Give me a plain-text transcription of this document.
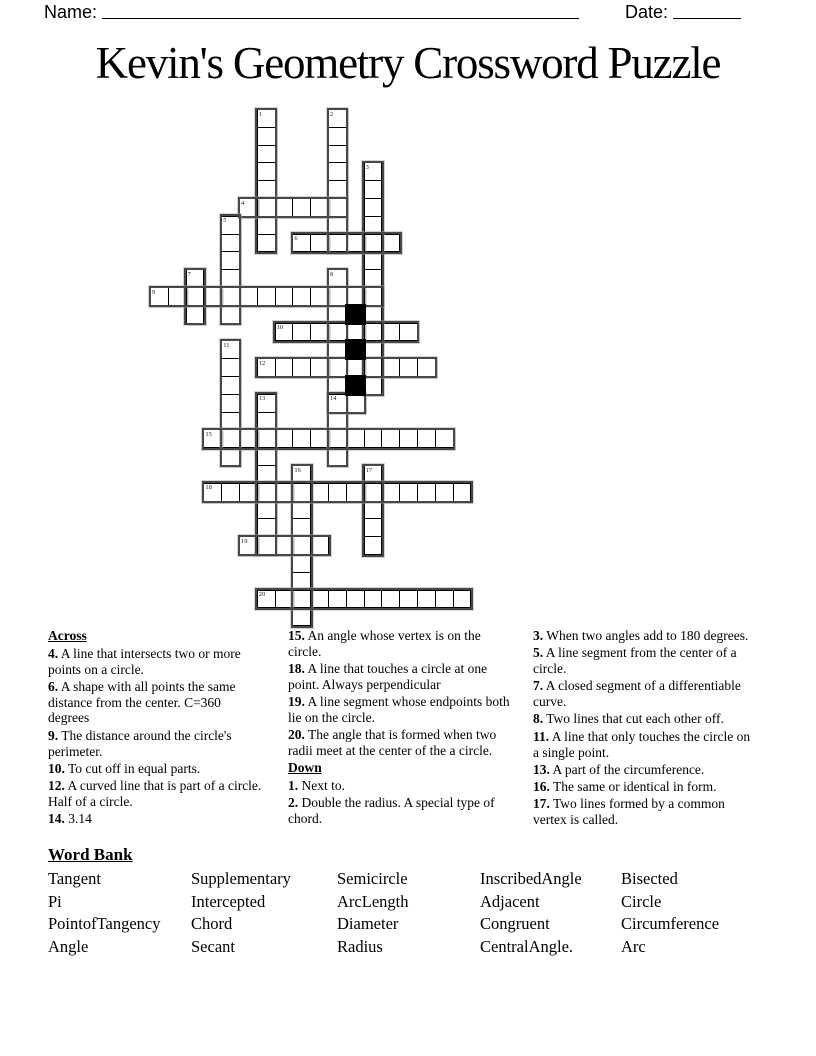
Name:	Date:
Kevin's Geometry Crossword Puzzle
1	2
3
4
5
6
7	8
9
10
11
12
13	14
15
16	17
18
19
20
Across
4. A line that intersects two or more points on a circle.
6. A shape with all points the same distance from the center. C=360 degrees
9. The distance around the circle's perimeter.
10. To cut off in equal parts.
12. A curved line that is part of a circle. Half of a circle.
14. 3.14
15. An angle whose vertex is on the circle.
18. A line that touches a circle at one point. Always perpendicular
19. A line segment whose endpoints both lie on the circle.
20. The angle that is formed when two radii meet at the center of the a circle.
Down
1. Next to.
2. Double the radius. A special type of chord.
3. When two angles add to 180 degrees.
5. A line segment from the center of a circle.
7. A closed segment of a differentiable curve.
8. Two lines that cut each other off.
11. A line that only touches the circle on a single point.
13. A part of the circumference.
16. The same or identical in form.
17. Two lines formed by a common vertex is called.
Word Bank
Tangent	Supplementary	Semicircle	InscribedAngle	Bisected
Pi	Intercepted	ArcLength	Adjacent	Circle
PointofTangency	Chord	Diameter	Congruent	Circumference
Angle	Secant	Radius	CentralAngle.	Arc
